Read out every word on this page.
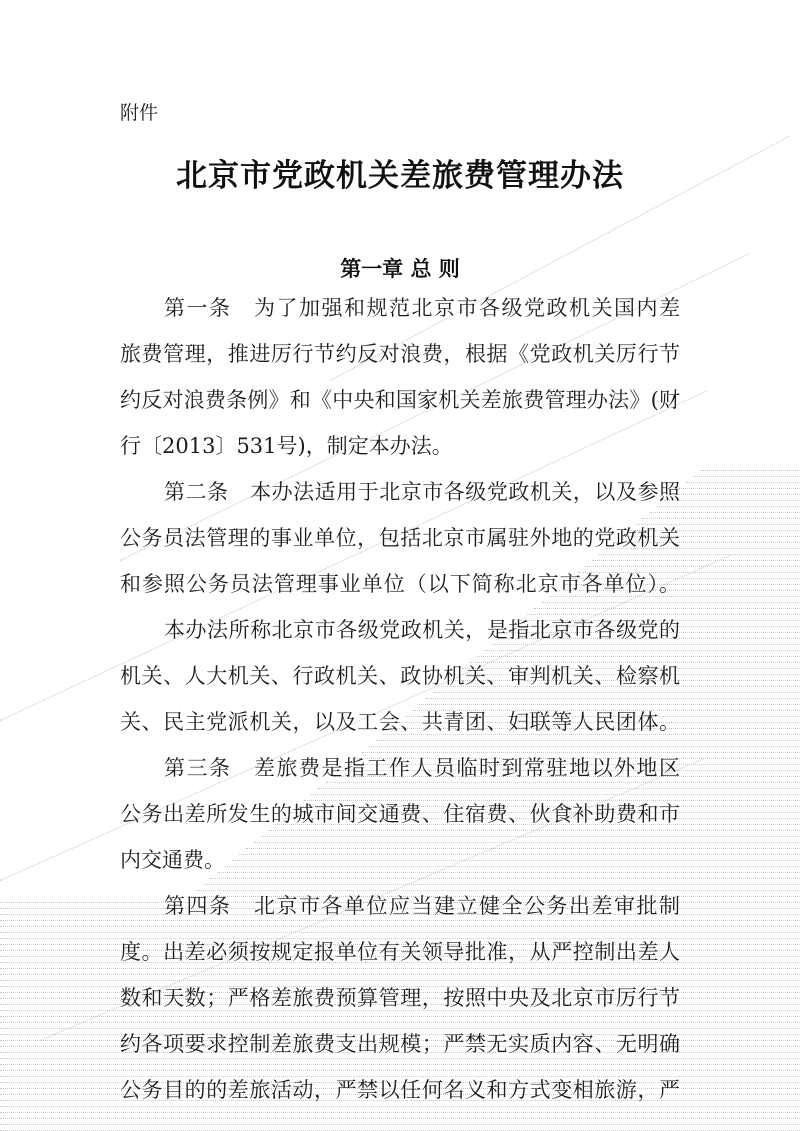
附件
北京市党政机关差旅费管理办法
第一章 总 则
第一条　为了加强和规范北京市各级党政机关国内差
旅费管理，推进厉行节约反对浪费，根据《党政机关厉行节
约反对浪费条例》和《中央和国家机关差旅费管理办法》(财
行〔2013〕531号)，制定本办法。
第二条　本办法适用于北京市各级党政机关，以及参照
公务员法管理的事业单位，包括北京市属驻外地的党政机关
和参照公务员法管理事业单位（以下简称北京市各单位）。
本办法所称北京市各级党政机关，是指北京市各级党的
机关、人大机关、行政机关、政协机关、审判机关、检察机
关、民主党派机关，以及工会、共青团、妇联等人民团体。
第三条　差旅费是指工作人员临时到常驻地以外地区
公务出差所发生的城市间交通费、住宿费、伙食补助费和市
内交通费。
第四条　北京市各单位应当建立健全公务出差审批制
度。出差必须按规定报单位有关领导批准，从严控制出差人
数和天数；严格差旅费预算管理，按照中央及北京市厉行节
约各项要求控制差旅费支出规模；严禁无实质内容、无明确
公务目的的差旅活动，严禁以任何名义和方式变相旅游，严
